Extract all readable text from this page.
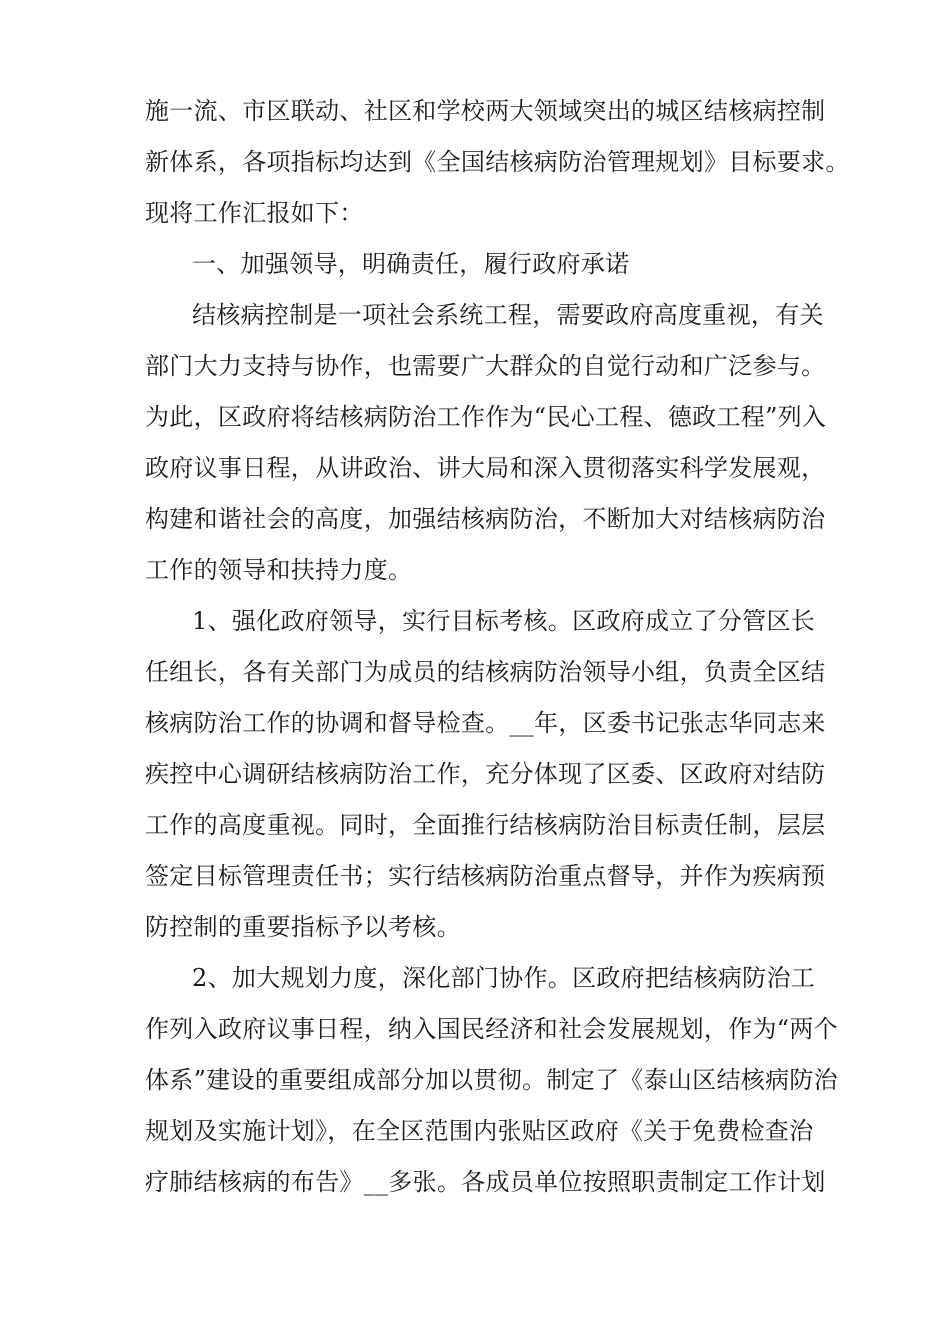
施一流、市区联动、社区和学校两大领域突出的城区结核病控制
新体系，各项指标均达到《全国结核病防治管理规划》目标要求。
现将工作汇报如下：
一、加强领导，明确责任，履行政府承诺
结核病控制是一项社会系统工程，需要政府高度重视，有关
部门大力支持与协作，也需要广大群众的自觉行动和广泛参与。
为此，区政府将结核病防治工作作为“民心工程、德政工程”列入
政府议事日程，从讲政治、讲大局和深入贯彻落实科学发展观，
构建和谐社会的高度，加强结核病防治，不断加大对结核病防治
工作的领导和扶持力度。
1、强化政府领导，实行目标考核。区政府成立了分管区长
任组长，各有关部门为成员的结核病防治领导小组，负责全区结
核病防治工作的协调和督导检查。__年，区委书记张志华同志来
疾控中心调研结核病防治工作，充分体现了区委、区政府对结防
工作的高度重视。同时，全面推行结核病防治目标责任制，层层
签定目标管理责任书；实行结核病防治重点督导，并作为疾病预
防控制的重要指标予以考核。
2、加大规划力度，深化部门协作。区政府把结核病防治工
作列入政府议事日程，纳入国民经济和社会发展规划，作为“两个
体系”建设的重要组成部分加以贯彻。制定了《泰山区结核病防治
规划及实施计划》，在全区范围内张贴区政府《关于免费检查治
疗肺结核病的布告》__多张。各成员单位按照职责制定工作计划
